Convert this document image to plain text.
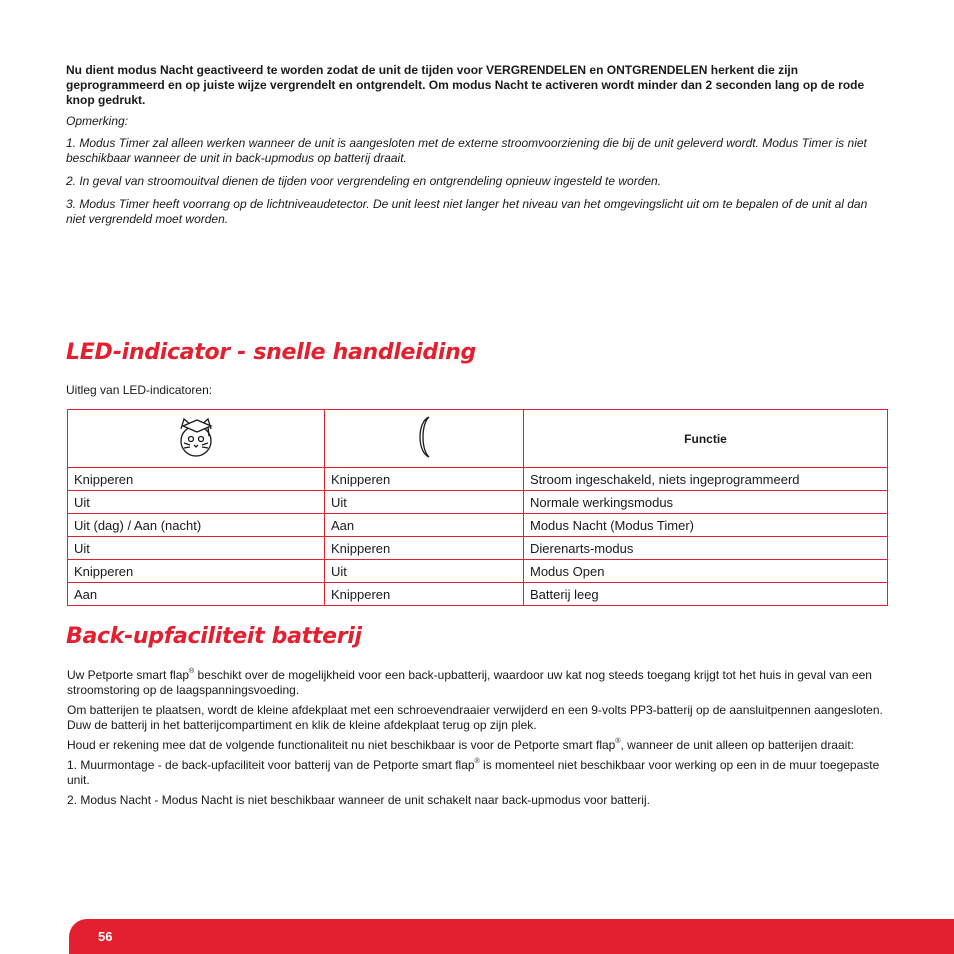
Nu dient modus Nacht geactiveerd te worden zodat de unit de tijden voor VERGRENDELEN en ONTGRENDELEN herkent die zijn geprogrammeerd en op juiste wijze vergrendelt en ontgrendelt. Om modus Nacht te activeren wordt minder dan 2 seconden lang op de rode knop gedrukt.

Opmerking:

1. Modus Timer zal alleen werken wanneer de unit is aangesloten met de externe stroomvoorziening die bij de unit geleverd wordt. Modus Timer is niet beschikbaar wanneer de unit in back-upmodus op batterij draait.

2. In geval van stroomouitval dienen de tijden voor vergrendeling en ontgrendeling opnieuw ingesteld te worden.

3. Modus Timer heeft voorrang op de lichtniveaudetector. De unit leest niet langer het niveau van het omgevingslicht uit om te bepalen of de unit al dan niet vergrendeld moet worden.

LED-indicator - snelle handleiding
Uitleg van LED-indicatoren:
		Functie
Knipperen	Knipperen	Stroom ingeschakeld, niets ingeprogrammeerd
Uit	Uit	Normale werkingsmodus
Uit (dag) / Aan (nacht)	Aan	Modus Nacht (Modus Timer)
Uit	Knipperen	Dierenarts-modus
Knipperen	Uit	Modus Open
Aan	Knipperen	Batterij leeg
Back-upfaciliteit batterij

Uw Petporte smart flap® beschikt over de mogelijkheid voor een back-upbatterij, waardoor uw kat nog steeds toegang krijgt tot het huis in geval van een stroomstoring op de laagspanningsvoeding.

Om batterijen te plaatsen, wordt de kleine afdekplaat met een schroevendraaier verwijderd en een 9-volts PP3-batterij op de aansluitpennen aangesloten. Duw de batterij in het batterijcompartiment en klik de kleine afdekplaat terug op zijn plek.

Houd er rekening mee dat de volgende functionaliteit nu niet beschikbaar is voor de Petporte smart flap®, wanneer de unit alleen op batterijen draait:

1. Muurmontage - de back-upfaciliteit voor batterij van de Petporte smart flap® is momenteel niet beschikbaar voor werking op een in de muur toegepaste unit.

2. Modus Nacht - Modus Nacht is niet beschikbaar wanneer de unit schakelt naar back-upmodus voor batterij.

56
